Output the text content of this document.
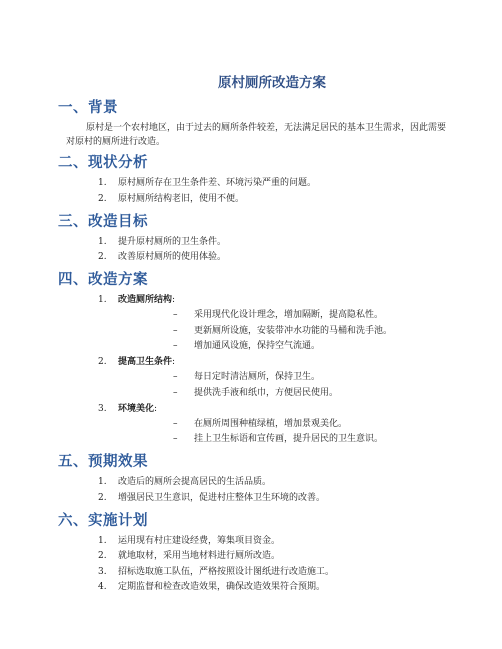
原村厕所改造方案
一、背景
原村是一个农村地区，由于过去的厕所条件较差，无法满足居民的基本卫生需求，因此需要对原村的厕所进行改造。
二、现状分析
1. 原村厕所存在卫生条件差、环境污染严重的问题。
2. 原村厕所结构老旧，使用不便。
三、改造目标
1. 提升原村厕所的卫生条件。
2. 改善原村厕所的使用体验。
四、改造方案
1. 改造厕所结构:
– 采用现代化设计理念，增加隔断，提高隐私性。
– 更新厕所设施，安装带冲水功能的马桶和洗手池。
– 增加通风设施，保持空气流通。
2. 提高卫生条件:
– 每日定时清洁厕所，保持卫生。
– 提供洗手液和纸巾，方便居民使用。
3. 环境美化:
– 在厕所周围种植绿植，增加景观美化。
– 挂上卫生标语和宣传画，提升居民的卫生意识。
五、预期效果
1. 改造后的厕所会提高居民的生活品质。
2. 增强居民卫生意识，促进村庄整体卫生环境的改善。
六、实施计划
1. 运用现有村庄建设经费，筹集项目资金。
2. 就地取材，采用当地材料进行厕所改造。
3. 招标选取施工队伍，严格按照设计图纸进行改造施工。
4. 定期监督和检查改造效果，确保改造效果符合预期。
